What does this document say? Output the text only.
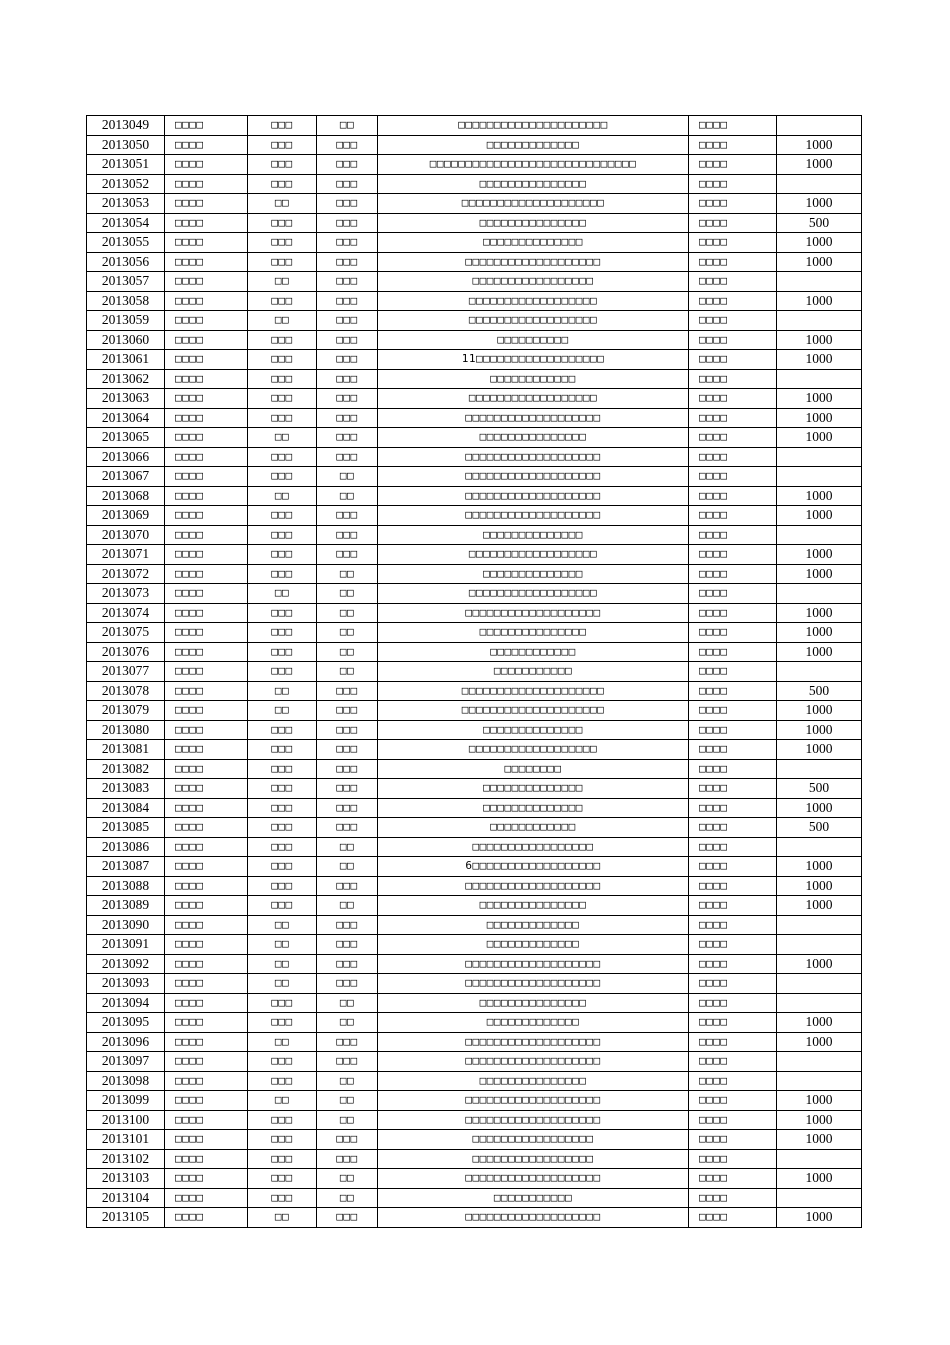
2013049	□□□□	□□□	□□	□□□□□□□□□□□□□□□□□□□□□	□□□□	
2013050	□□□□	□□□	□□□	□□□□□□□□□□□□□	□□□□	1000
2013051	□□□□	□□□	□□□	□□□□□□□□□□□□□□□□□□□□□□□□□□□□□	□□□□	1000
2013052	□□□□	□□□	□□□	□□□□□□□□□□□□□□□	□□□□	
2013053	□□□□	□□	□□□	□□□□□□□□□□□□□□□□□□□□	□□□□	1000
2013054	□□□□	□□□	□□□	□□□□□□□□□□□□□□□	□□□□	500
2013055	□□□□	□□□	□□□	□□□□□□□□□□□□□□	□□□□	1000
2013056	□□□□	□□□	□□□	□□□□□□□□□□□□□□□□□□□	□□□□	1000
2013057	□□□□	□□	□□□	□□□□□□□□□□□□□□□□□	□□□□	
2013058	□□□□	□□□	□□□	□□□□□□□□□□□□□□□□□□	□□□□	1000
2013059	□□□□	□□	□□□	□□□□□□□□□□□□□□□□□□	□□□□	
2013060	□□□□	□□□	□□□	□□□□□□□□□□	□□□□	1000
2013061	□□□□	□□□	□□□	11□□□□□□□□□□□□□□□□□□	□□□□	1000
2013062	□□□□	□□□	□□□	□□□□□□□□□□□□	□□□□	
2013063	□□□□	□□□	□□□	□□□□□□□□□□□□□□□□□□	□□□□	1000
2013064	□□□□	□□□	□□□	□□□□□□□□□□□□□□□□□□□	□□□□	1000
2013065	□□□□	□□	□□□	□□□□□□□□□□□□□□□	□□□□	1000
2013066	□□□□	□□□	□□□	□□□□□□□□□□□□□□□□□□□	□□□□	
2013067	□□□□	□□□	□□	□□□□□□□□□□□□□□□□□□□	□□□□	
2013068	□□□□	□□	□□	□□□□□□□□□□□□□□□□□□□	□□□□	1000
2013069	□□□□	□□□	□□□	□□□□□□□□□□□□□□□□□□□	□□□□	1000
2013070	□□□□	□□□	□□□	□□□□□□□□□□□□□□	□□□□	
2013071	□□□□	□□□	□□□	□□□□□□□□□□□□□□□□□□	□□□□	1000
2013072	□□□□	□□□	□□	□□□□□□□□□□□□□□	□□□□	1000
2013073	□□□□	□□	□□	□□□□□□□□□□□□□□□□□□	□□□□	
2013074	□□□□	□□□	□□	□□□□□□□□□□□□□□□□□□□	□□□□	1000
2013075	□□□□	□□□	□□	□□□□□□□□□□□□□□□	□□□□	1000
2013076	□□□□	□□□	□□	□□□□□□□□□□□□	□□□□	1000
2013077	□□□□	□□□	□□	□□□□□□□□□□□	□□□□	
2013078	□□□□	□□	□□□	□□□□□□□□□□□□□□□□□□□□	□□□□	500
2013079	□□□□	□□	□□□	□□□□□□□□□□□□□□□□□□□□	□□□□	1000
2013080	□□□□	□□□	□□□	□□□□□□□□□□□□□□	□□□□	1000
2013081	□□□□	□□□	□□□	□□□□□□□□□□□□□□□□□□	□□□□	1000
2013082	□□□□	□□□	□□□	□□□□□□□□	□□□□	
2013083	□□□□	□□□	□□□	□□□□□□□□□□□□□□	□□□□	500
2013084	□□□□	□□□	□□□	□□□□□□□□□□□□□□	□□□□	1000
2013085	□□□□	□□□	□□□	□□□□□□□□□□□□	□□□□	500
2013086	□□□□	□□□	□□	□□□□□□□□□□□□□□□□□	□□□□	
2013087	□□□□	□□□	□□	6□□□□□□□□□□□□□□□□□□	□□□□	1000
2013088	□□□□	□□□	□□□	□□□□□□□□□□□□□□□□□□□	□□□□	1000
2013089	□□□□	□□□	□□	□□□□□□□□□□□□□□□	□□□□	1000
2013090	□□□□	□□	□□□	□□□□□□□□□□□□□	□□□□	
2013091	□□□□	□□	□□□	□□□□□□□□□□□□□	□□□□	
2013092	□□□□	□□	□□□	□□□□□□□□□□□□□□□□□□□	□□□□	1000
2013093	□□□□	□□	□□□	□□□□□□□□□□□□□□□□□□□	□□□□	
2013094	□□□□	□□□	□□	□□□□□□□□□□□□□□□	□□□□	
2013095	□□□□	□□□	□□	□□□□□□□□□□□□□	□□□□	1000
2013096	□□□□	□□	□□□	□□□□□□□□□□□□□□□□□□□	□□□□	1000
2013097	□□□□	□□□	□□□	□□□□□□□□□□□□□□□□□□□	□□□□	
2013098	□□□□	□□□	□□	□□□□□□□□□□□□□□□	□□□□	
2013099	□□□□	□□	□□	□□□□□□□□□□□□□□□□□□□	□□□□	1000
2013100	□□□□	□□□	□□	□□□□□□□□□□□□□□□□□□□	□□□□	1000
2013101	□□□□	□□□	□□□	□□□□□□□□□□□□□□□□□	□□□□	1000
2013102	□□□□	□□□	□□□	□□□□□□□□□□□□□□□□□	□□□□	
2013103	□□□□	□□□	□□	□□□□□□□□□□□□□□□□□□□	□□□□	1000
2013104	□□□□	□□□	□□	□□□□□□□□□□□	□□□□	
2013105	□□□□	□□	□□□	□□□□□□□□□□□□□□□□□□□	□□□□	1000
